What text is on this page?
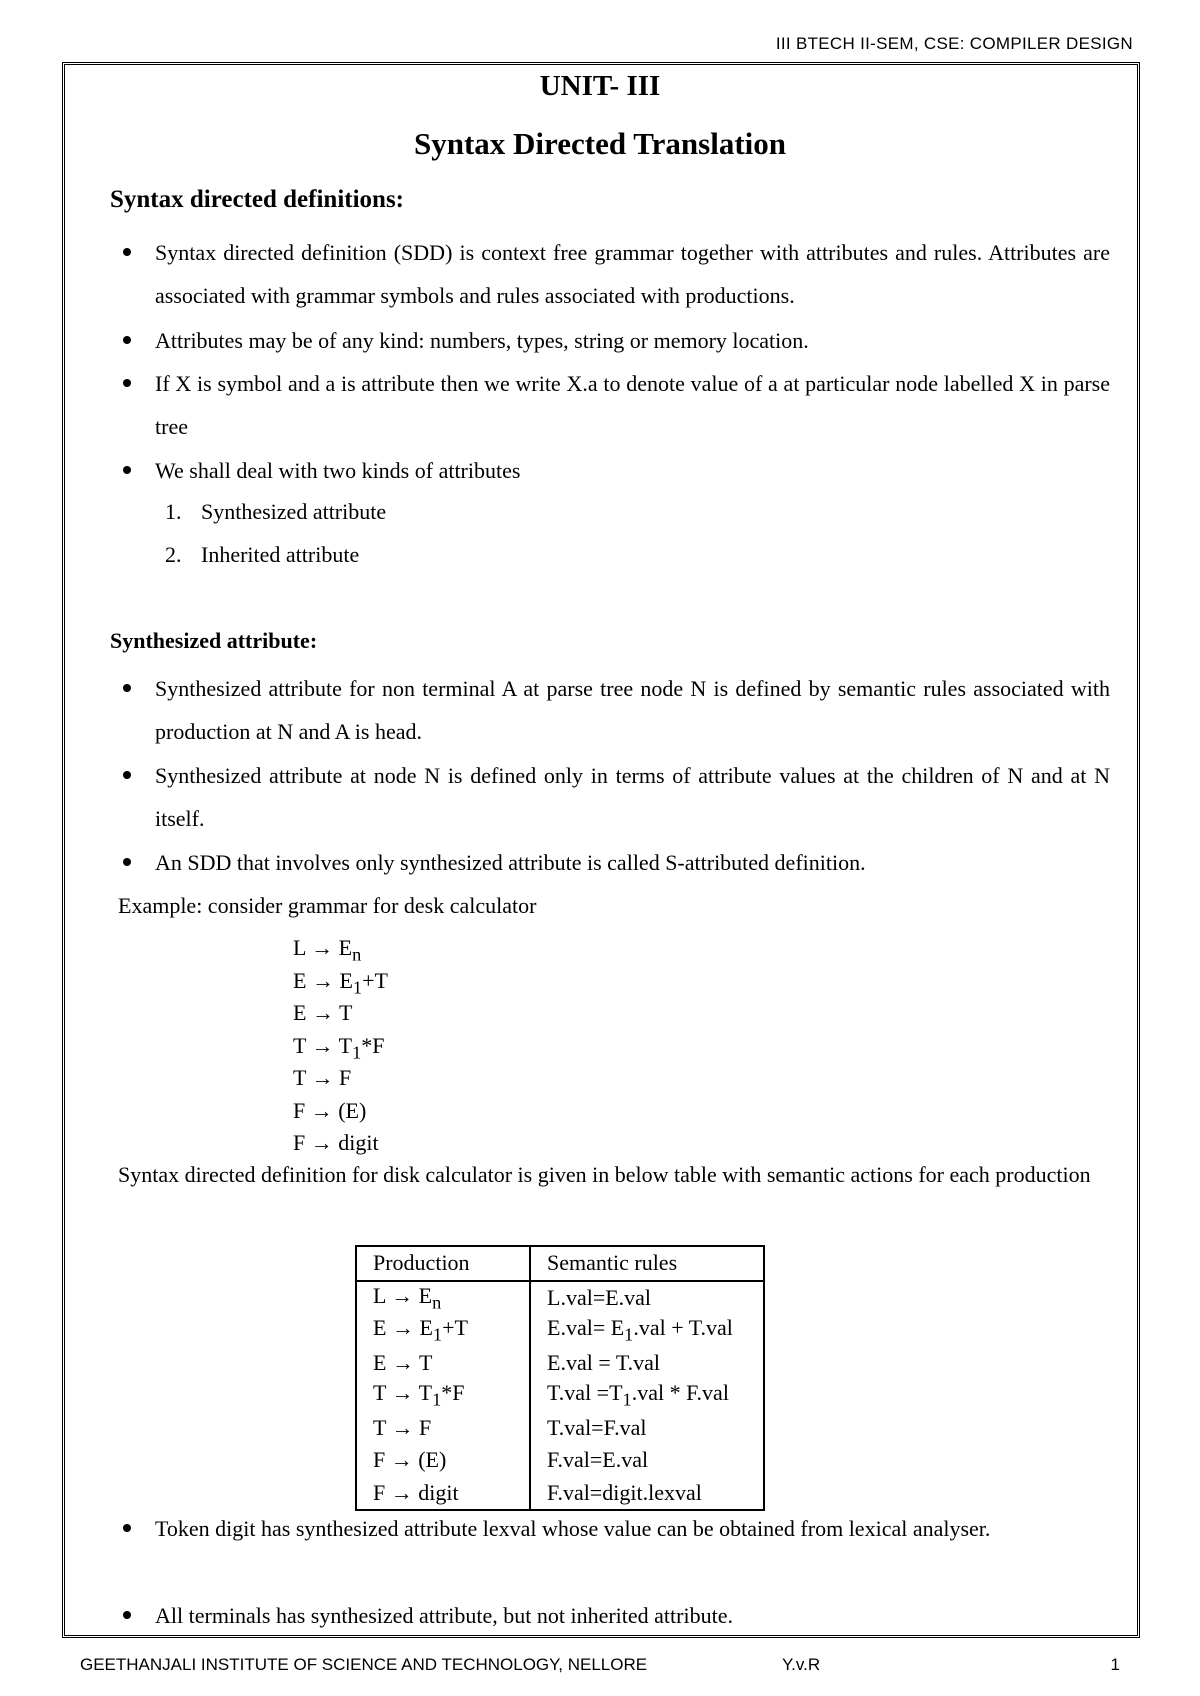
III BTECH II-SEM, CSE: COMPILER DESIGN
UNIT- III
Syntax Directed Translation
Syntax directed definitions:
Syntax directed definition (SDD) is context free grammar together with attributes and rules. Attributes are associated with grammar symbols and rules associated with productions.
Attributes may be of any kind: numbers, types, string or memory location.
If X is symbol and a is attribute then we write X.a to denote value of a at particular node labelled X in parse tree
We shall deal with two kinds of attributes
1. Synthesized attribute
2. Inherited attribute
Synthesized attribute:
Synthesized attribute for non terminal A at parse tree node N is defined by semantic rules associated with production at N and A is head.
Synthesized attribute at node N is defined only in terms of attribute values at the children of N and at N itself.
An SDD that involves only synthesized attribute is called S-attributed definition.
Example: consider grammar for desk calculator
$L \to E_n$
$E \to E_1+T$
E → T
$T \to T_1*F$
T → F
F → (E)
F → digit
Syntax directed definition for disk calculator is given in below table with semantic actions for each production
Production	Semantic rules
$L \to E_n$	L.val=E.val
$E \to E_1+T$	$E.val= E_1.val + T.val$
E → T	E.val = T.val
$T \to T_1*F$	$T.val =T_1.val * F.val$
T → F	T.val=F.val
F → (E)	F.val=E.val
F → digit	F.val=digit.lexval
Token digit has synthesized attribute lexval whose value can be obtained from lexical analyser.
All terminals has synthesized attribute, but not inherited attribute.
GEETHANJALI INSTITUTE OF SCIENCE AND TECHNOLOGY, NELLORE	Y.v.R	1
